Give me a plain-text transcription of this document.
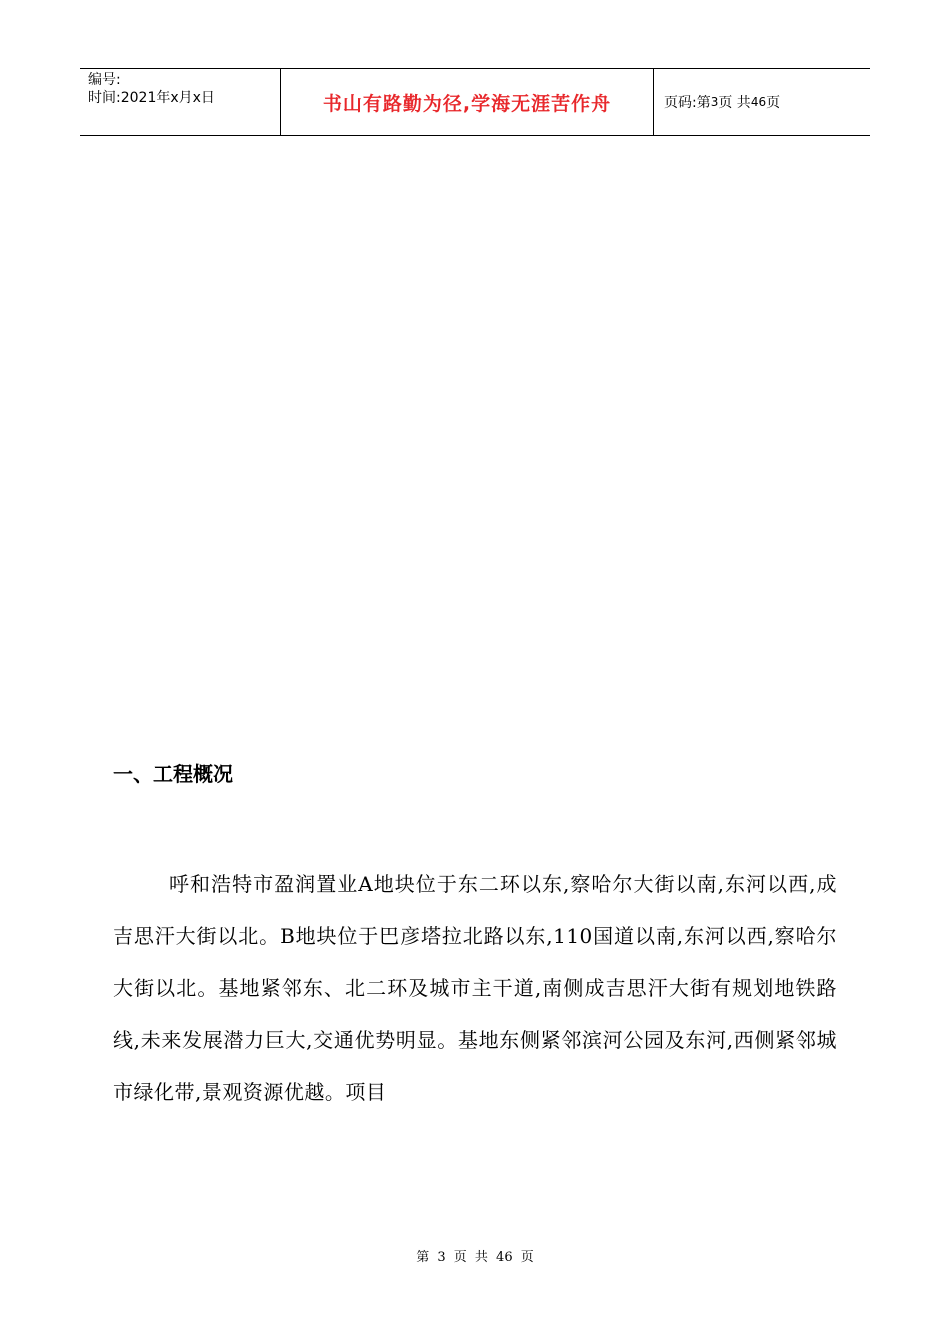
编号:
时间:2021年x月x日	书山有路勤为径,学海无涯苦作舟	页码:第 3 页 共 46 页
一、工程概况

呼和浩特市盈润置业A地块位于东二环以东,察哈尔大街以南,东河以西,成吉思汗大街以北。B地块位于巴彦塔拉北路以东,110国道以南,东河以西,察哈尔大街以北。基地紧邻东、北二环及城市主干道,南侧成吉思汗大街有规划地铁路线,未来发展潜力巨大,交通优势明显。基地东侧紧邻滨河公园及东河,西侧紧邻城市绿化带,景观资源优越。项目

第 3 页 共 46 页
